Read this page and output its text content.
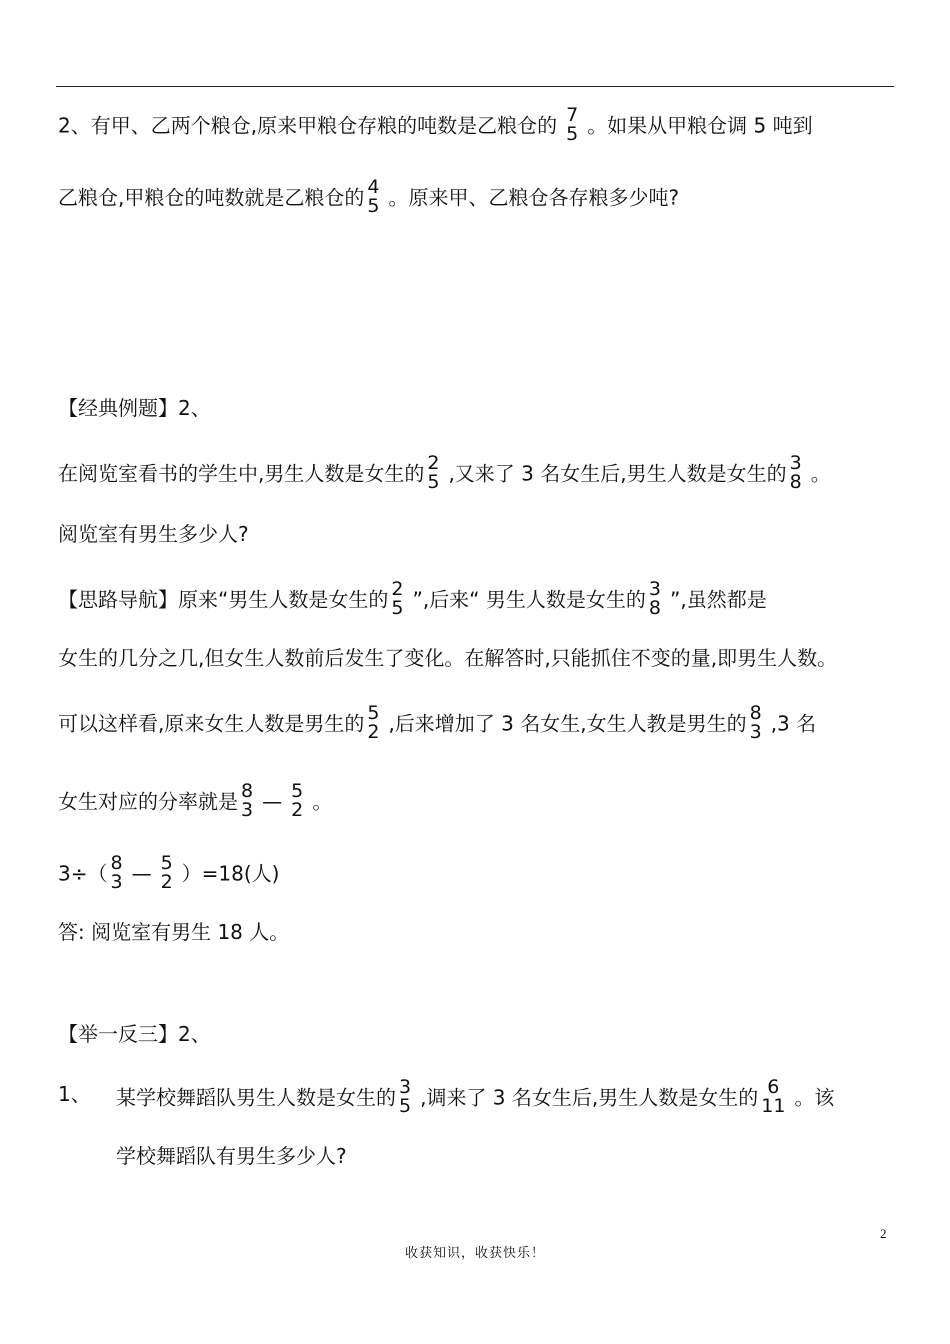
2、有甲、乙两个粮仓,原来甲粮仓存粮的吨数是乙粮仓的 7
5 。如果从甲粮仓调 5 吨到
乙粮仓,甲粮仓的吨数就是乙粮仓的 4
5 。原来甲、乙粮仓各存粮多少吨?
【经典例题】2、
在阅览室看书的学生中,男生人数是女生的 2
5 ,又来了 3 名女生后,男生人数是女生的 3
8 。
阅览室有男生多少人?
【思路导航】原来“男生人数是女生的 2
5 ”,后来“ 男生人数是女生的 3
8 ”,虽然都是
女生的几分之几,但女生人数前后发生了变化。在解答时,只能抓住不变的量,即男生人数。
可以这样看,原来女生人数是男生的 5
2 ,后来增加了 3 名女生,女生人教是男生的 8
3 ,3 名
女生对应的分率就是 8
3 — 5
2 。
3÷（ 8
3 — 5
2 ）=18(人)
答: 阅览室有男生 18 人。
【举一反三】2、
1、 某学校舞蹈队男生人数是女生的 3
5 ,调来了 3 名女生后,男生人数是女生的 6
11 。该
学校舞蹈队有男生多少人?
2
收获知识，收获快乐！
